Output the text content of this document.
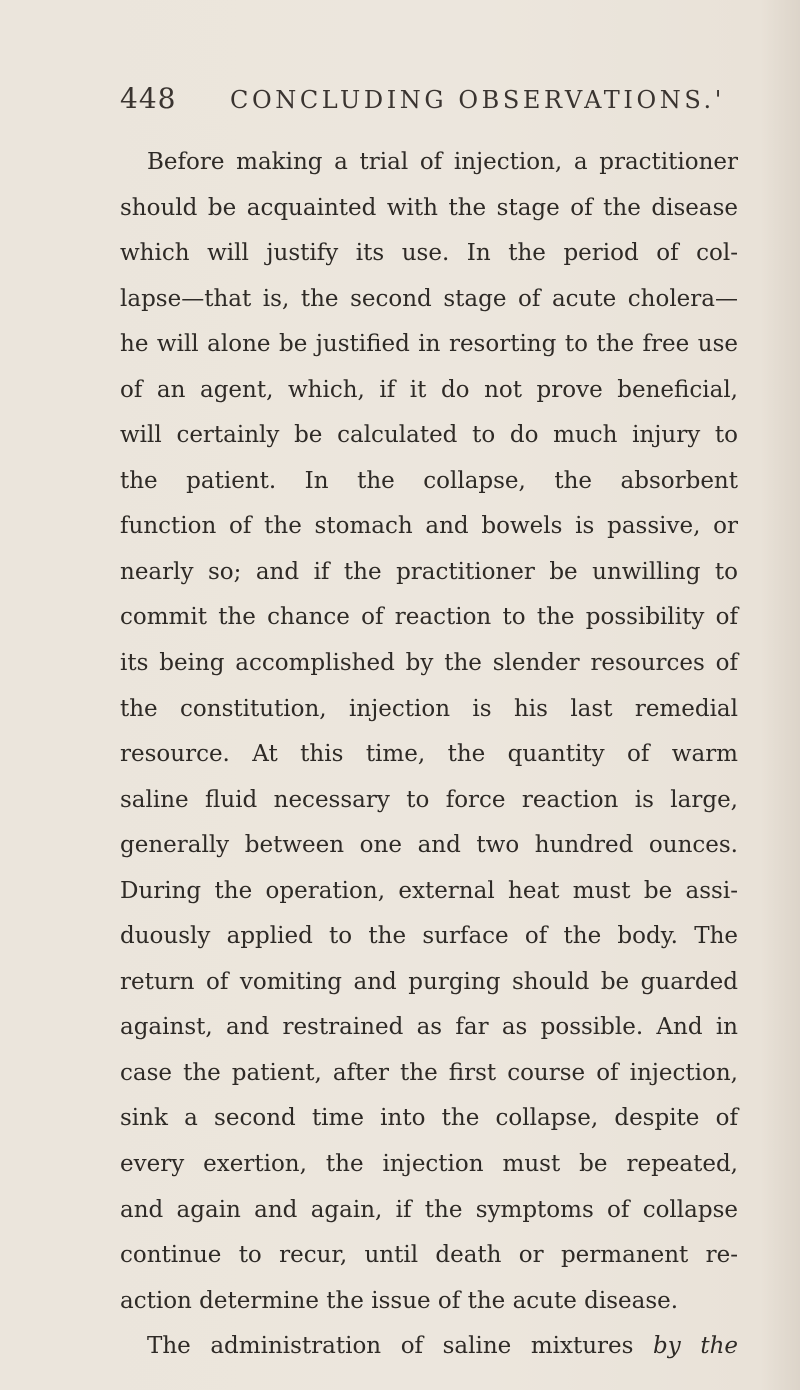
448 CONCLUDING OBSERVATIONS.'
Before making a trial of injection, a practitioner
should be acquainted with the stage of the disease
which will justify its use. In the period of col-
lapse—that is, the second stage of acute cholera—
he will alone be justified in resorting to the free use
of an agent, which, if it do not prove beneficial,
will certainly be calculated to do much injury to
the patient. In the collapse, the absorbent
function of the stomach and bowels is passive, or
nearly so; and if the practitioner be unwilling to
commit the chance of reaction to the possibility of
its being accomplished by the slender resources of
the constitution, injection is his last remedial
resource. At this time, the quantity of warm
saline fluid necessary to force reaction is large,
generally between one and two hundred ounces.
During the operation, external heat must be assi-
duously applied to the surface of the body. The
return of vomiting and purging should be guarded
against, and restrained as far as possible. And in
case the patient, after the first course of injection,
sink a second time into the collapse, despite of
every exertion, the injection must be repeated,
and again and again, if the symptoms of collapse
continue to recur, until death or permanent re-
action determine the issue of the acute disease.
The administration of saline mixtures by the
